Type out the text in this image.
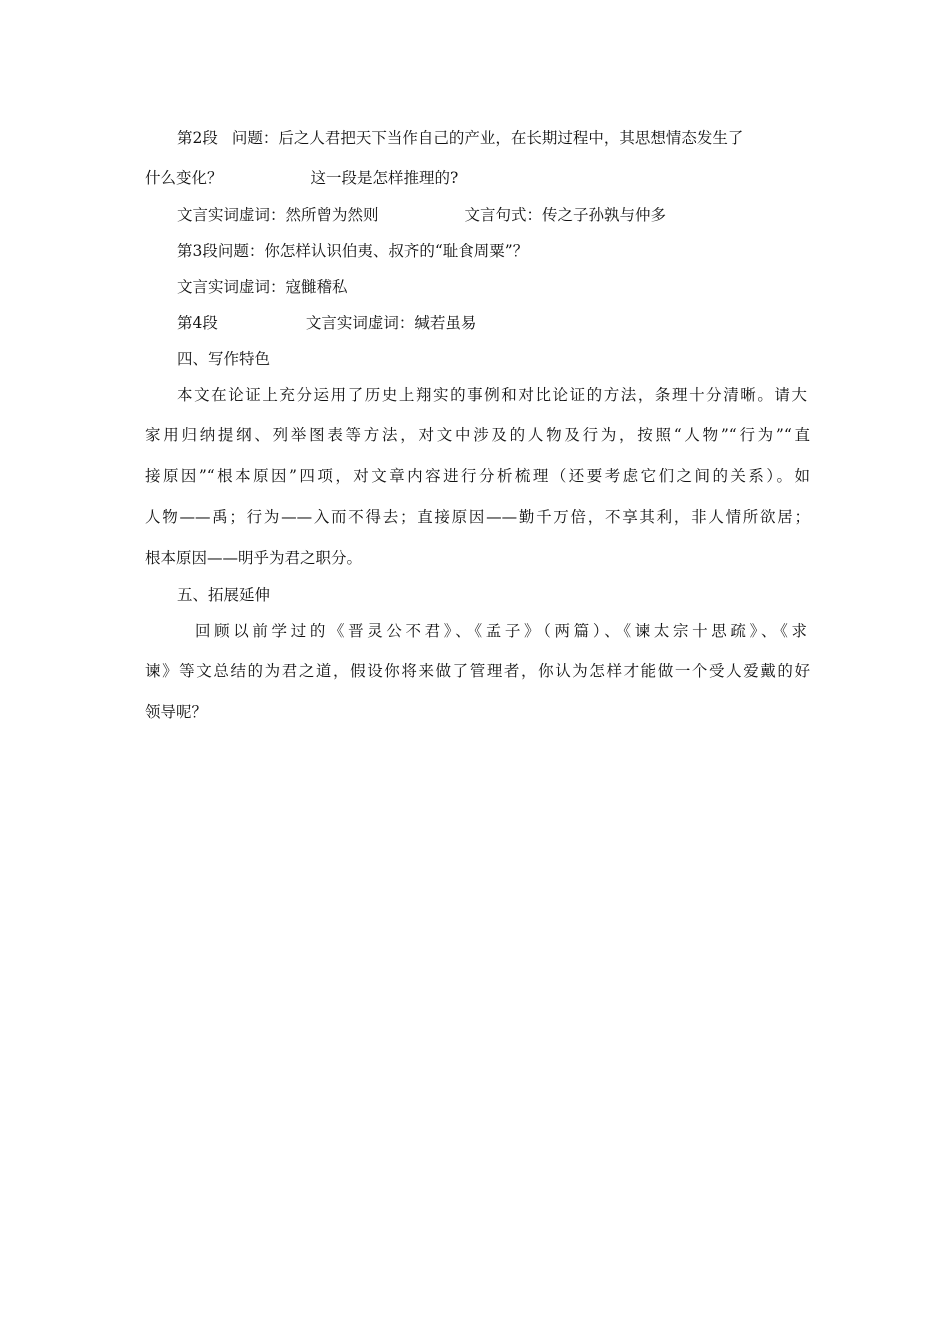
第2段 问题：后之人君把天下当作自己的产业，在长期过程中，其思想情态发生了
什么变化？	这一段是怎样推理的?
文言实词虚词：然所曾为然则	文言句式：传之子孙孰与仲多
第3段问题：你怎样认识伯夷、叔齐的“耻食周粟”？
文言实词虚词：寇雠稽私
第4段	文言实词虚词：缄若虽易
四、写作特色
本文在论证上充分运用了历史上翔实的事例和对比论证的方法，条理十分清晰。请大
家用归纳提纲、列举图表等方法，对文中涉及的人物及行为，按照“人物”“行为”“直
接原因”“根本原因”四项，对文章内容进行分析梳理（还要考虑它们之间的关系）。如
人物——禹；行为——入而不得去；直接原因——勤千万倍，不享其利，非人情所欲居；
根本原因——明乎为君之职分。
五、拓展延伸
回顾以前学过的《晋灵公不君》、《孟子》（两篇）、《谏太宗十思疏》、《求
谏》等文总结的为君之道，假设你将来做了管理者，你认为怎样才能做一个受人爱戴的好
领导呢？
